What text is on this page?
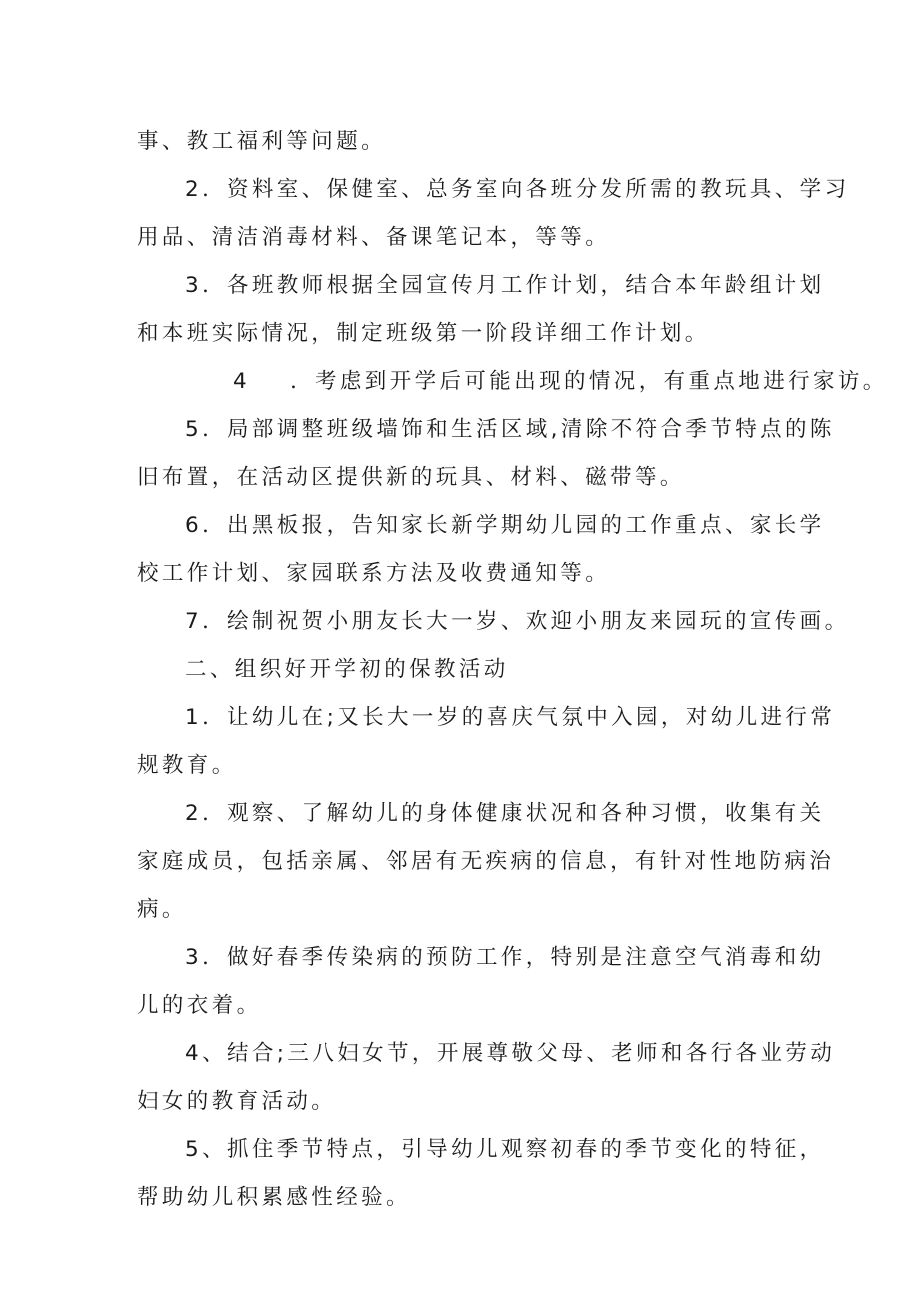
事、教工福利等问题。

2．资料室、保健室、总务室向各班分发所需的教玩具、学习
用品、清洁消毒材料、备课笔记本，等等。

3．各班教师根据全园宣传月工作计划，结合本年龄组计划
和本班实际情况，制定班级第一阶段详细工作计划。

4 ．考虑到开学后可能出现的情况，有重点地进行家访。

5．局部调整班级墙饰和生活区域,清除不符合季节特点的陈
旧布置，在活动区提供新的玩具、材料、磁带等。

6．出黑板报，告知家长新学期幼儿园的工作重点、家长学
校工作计划、家园联系方法及收费通知等。

7．绘制祝贺小朋友长大一岁、欢迎小朋友来园玩的宣传画。

二、组织好开学初的保教活动

1．让幼儿在;又长大一岁的喜庆气氛中入园，对幼儿进行常
规教育。

2．观察、了解幼儿的身体健康状况和各种习惯，收集有关
家庭成员，包括亲属、邻居有无疾病的信息，有针对性地防病治
病。

3．做好春季传染病的预防工作，特别是注意空气消毒和幼
儿的衣着。

4、结合;三八妇女节，开展尊敬父母、老师和各行各业劳动
妇女的教育活动。

5、抓住季节特点，引导幼儿观察初春的季节变化的特征，
帮助幼儿积累感性经验。
